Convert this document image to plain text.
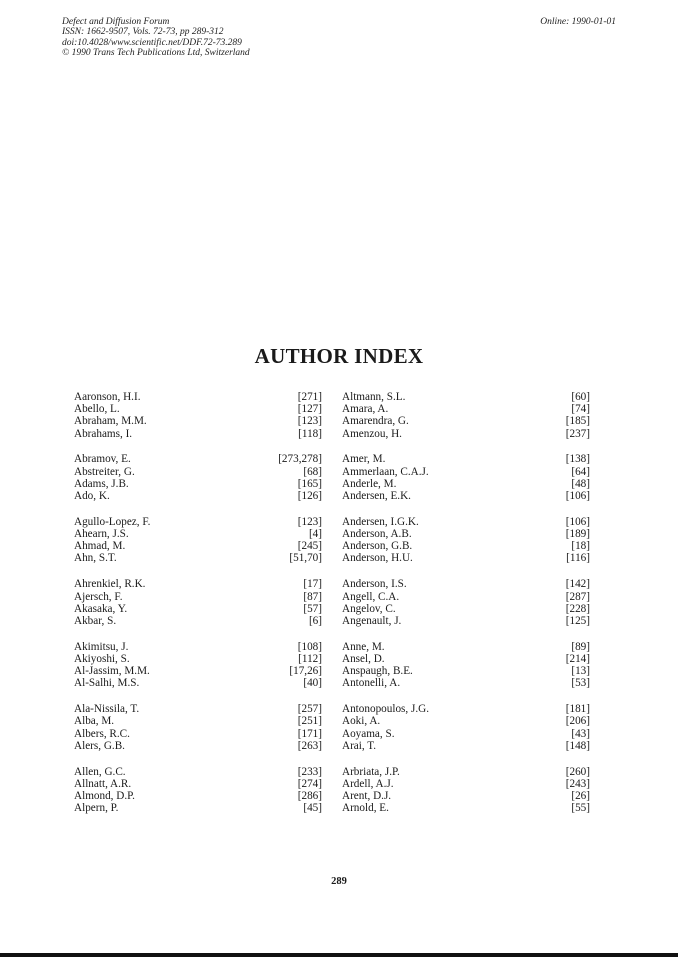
Defect and Diffusion Forum
ISSN: 1662-9507, Vols. 72-73, pp 289-312
doi:10.4028/www.scientific.net/DDF.72-73.289
© 1990 Trans Tech Publications Ltd, Switzerland
Online: 1990-01-01
AUTHOR INDEX
Aaronson, H.I.	[271]
Abello, L.	[127]
Abraham, M.M.	[123]
Abrahams, I.	[118]
Abramov, E.	[273,278]
Abstreiter, G.	[68]
Adams, J.B.	[165]
Ado, K.	[126]
Agullo-Lopez, F.	[123]
Ahearn, J.S.	[4]
Ahmad, M.	[245]
Ahn, S.T.	[51,70]
Ahrenkiel, R.K.	[17]
Ajersch, F.	[87]
Akasaka, Y.	[57]
Akbar, S.	[6]
Akimitsu, J.	[108]
Akiyoshi, S.	[112]
Al-Jassim, M.M.	[17,26]
Al-Salhi, M.S.	[40]
Ala-Nissila, T.	[257]
Alba, M.	[251]
Albers, R.C.	[171]
Alers, G.B.	[263]
Allen, G.C.	[233]
Allnatt, A.R.	[274]
Almond, D.P.	[286]
Alpern, P.	[45]
Altmann, S.L.	[60]
Amara, A.	[74]
Amarendra, G.	[185]
Amenzou, H.	[237]
Amer, M.	[138]
Ammerlaan, C.A.J.	[64]
Anderle, M.	[48]
Andersen, E.K.	[106]
Andersen, I.G.K.	[106]
Anderson, A.B.	[189]
Anderson, G.B.	[18]
Anderson, H.U.	[116]
Anderson, I.S.	[142]
Angell, C.A.	[287]
Angelov, C.	[228]
Angenault, J.	[125]
Anne, M.	[89]
Ansel, D.	[214]
Anspaugh, B.E.	[13]
Antonelli, A.	[53]
Antonopoulos, J.G.	[181]
Aoki, A.	[206]
Aoyama, S.	[43]
Arai, T.	[148]
Arbriata, J.P.	[260]
Ardell, A.J.	[243]
Arent, D.J.	[26]
Arnold, E.	[55]
289
